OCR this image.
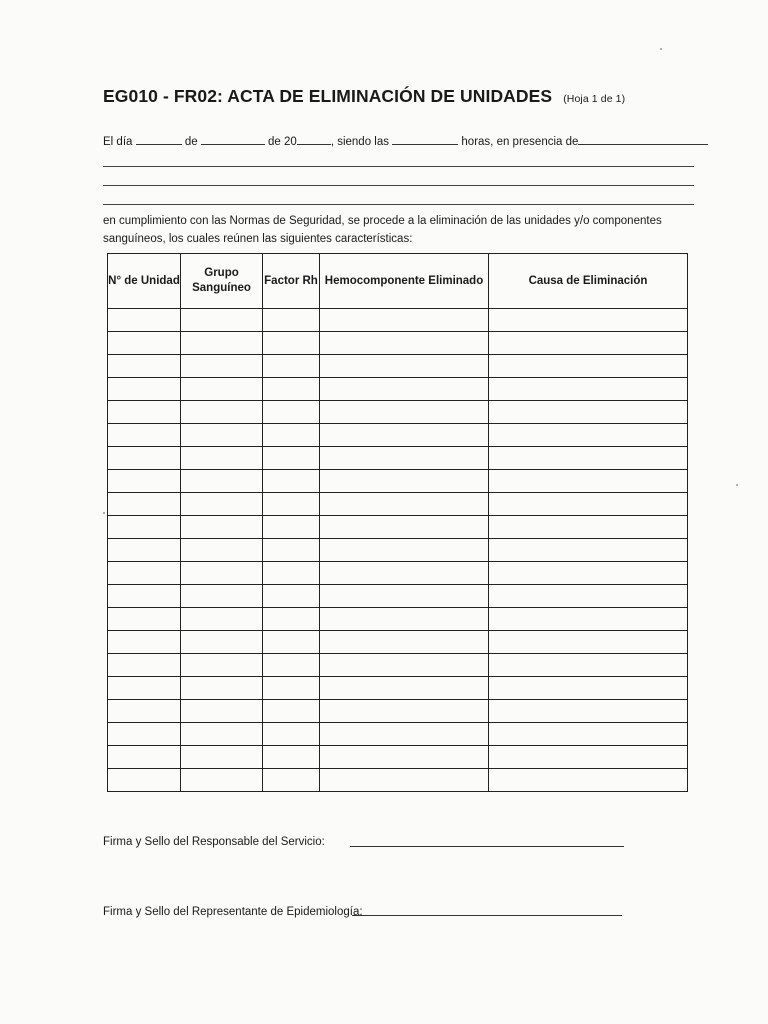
EG010 - FR02: ACTA DE ELIMINACIÓN DE UNIDADES (Hoja 1 de 1)
El día	de	de 20	, siendo las	horas, en presencia de
en cumplimiento con las Normas de Seguridad, se procede a la eliminación de las unidades y/o componentes sanguíneos, los cuales reúnen las siguientes características:
N° de Unidad	Grupo Sanguíneo	Factor Rh	Hemocomponente Eliminado	Causa de Eliminación

Firma y Sello del Responsable del Servicio:
Firma y Sello del Representante de Epidemiología:
